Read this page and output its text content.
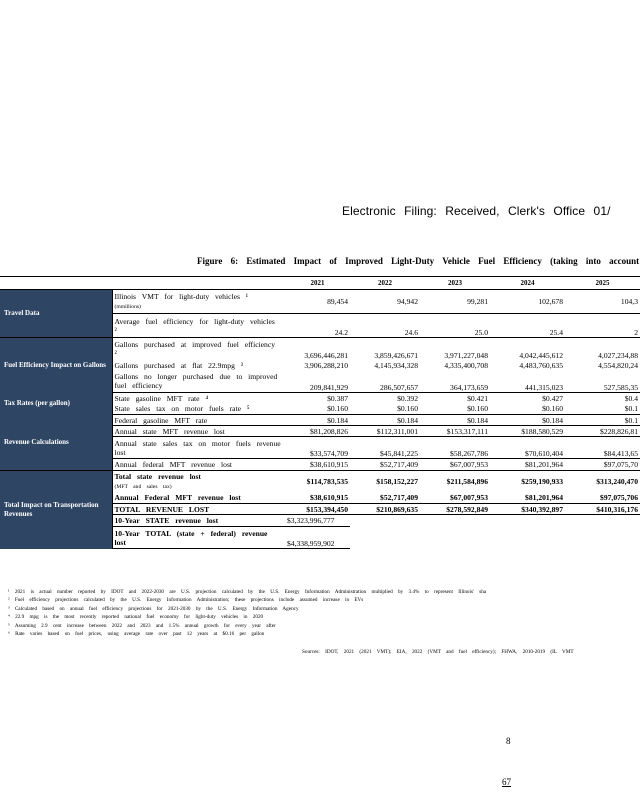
Electronic Filing: Received, Clerk's Office 01/
Figure 6: Estimated Impact of Improved Light-Duty Vehicle Fuel Efficiency (taking into account
		2021	2022	2023	2024	2025
Travel Data	Illinois VMT for light-duty vehicles ¹
(mmillions)	89,454	94,942	99,281	102,678	104,3
	Average fuel efficiency for light-duty vehicles ²	24.2	24.6	25.0	25.4	2
Fuel Efficiency Impact on Gallons	Gallons purchased at improved fuel efficiency ²	3,696,446,281	3,859,426,671	3,971,227,048	4,042,445,612	4,027,234,88
	Gallons purchased at flat 22.9mpg ³	3,906,288,210	4,145,934,328	4,335,400,708	4,483,760,635	4,554,820,24
	Gallons no longer purchased due to improved fuel efficiency	209,841,929	286,507,657	364,173,659	441,315,023	527,585,35
Tax Rates (per gallon)	State gasoline MFT rate ⁴	$0.387	$0.392	$0.421	$0.427	$0.4
	State sales tax on motor fuels rate ⁵	$0.160	$0.160	$0.160	$0.160	$0.1
Revenue Calculations	Federal gasoline MFT rate	$0.184	$0.184	$0.184	$0.184	$0.1
	Annual state MFT revenue lost	$81,208,826	$112,311,001	$153,317,111	$188,580,529	$228,826,81
	Annual state sales tax on motor fuels revenue lost	$33,574,709	$45,841,225	$58,267,786	$70,610,404	$84,413,65
	Annual federal MFT revenue lost	$38,610,915	$52,717,409	$67,007,953	$81,201,964	$97,075,70
Total Impact on Transportation Revenues	Total state revenue lost
(MFT and sales tax)	$114,783,535	$158,152,227	$211,584,896	$259,190,933	$313,240,470
	Annual Federal MFT revenue lost	$38,610,915	$52,717,409	$67,007,953	$81,201,964	$97,075,706
	TOTAL REVENUE LOST	$153,394,450	$210,869,635	$278,592,849	$340,392,897	$410,316,176
	10-Year STATE revenue lost	$3,323,996,777				
	10-Year TOTAL (state + federal) revenue lost	$4,338,959,902				
¹ 2021 is actual number reported by IDOT and 2022-2030 are U.S. projection calculated by the U.S. Energy Information Administration multiplied by 3.4% to represent Illinois' sha
² Fuel efficiency projections calculated by the U.S. Energy Information Administration; these projections include assumed increase in EVs
³ Calculated based on annual fuel efficiency projections for 2021-2030 by the U.S. Energy Information Agency
⁴ 22.9 mpg is the most recently reported national fuel economy for light-duty vehicles in 2020
⁵ Assuming 2.9 cent increase between 2022 and 2023 and 1.5% annual growth for every year after
⁶ Rate varies based on fuel prices, using average rate over past 12 years at $0.16 per gallon
Sources: IDOT, 2021 (2021 VMT); EIA, 2022 (VMT and fuel efficiency); FHWA, 2010-2019 (IL VMT
8
67
